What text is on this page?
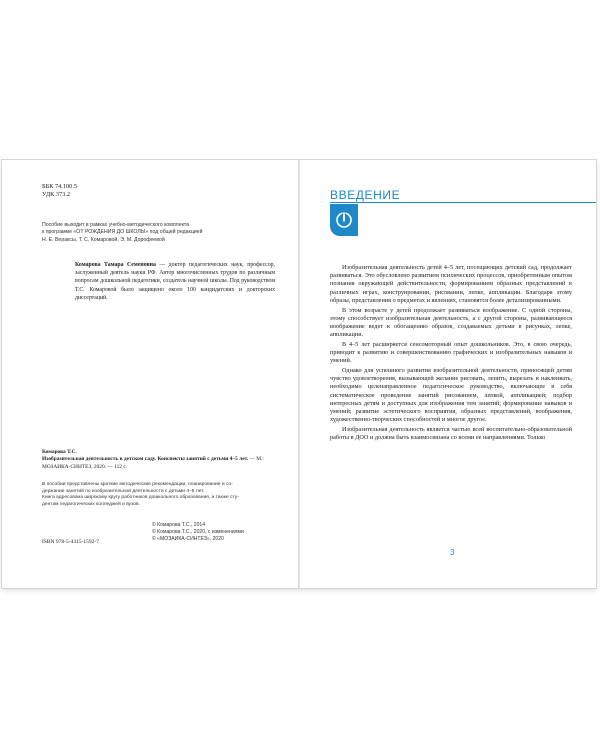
ББК 74.100.5
УДК 373.2
Пособие выходит в рамках учебно-методического комплекта
к программе «ОТ РОЖДЕНИЯ ДО ШКОЛЫ» под общей редакцией
Н. Е. Вераксы, Т. С. Комаровой, Э. М. Дорофеевой
Комарова Тамара Семеновна — доктор педагогических наук, профессор, заслуженный деятель науки РФ. Автор многочисленных трудов по различным вопросам дошкольной педагогики, создатель научной школы. Под руководством Т.С. Комаровой было защищено около 100 кандидатских и докторских диссертаций.
Комарова Т.С.
Изобразительная деятельность в детском саду. Конспекты занятий с детьми 4–5 лет. — М.: МОЗАИКА-СИНТЕЗ, 2020. — 112 с.
В пособии представлены краткие методические рекомендации, планирование и со-
держание занятий по изобразительной деятельности с детьми 4–5 лет.
Книга адресована широкому кругу работников дошкольного образования, а также сту-
дентам педагогических колледжей и вузов.
© Комарова Т.С., 2014
© Комарова Т.С., 2020, с изменениями
© «МОЗАИКА-СИНТЕЗ», 2020
ISBN 978-5-4315-1592-7
ВВЕДЕНИЕ

Изобразительная деятельность детей 4–5 лет, посещающих детский сад, продолжает развиваться. Это обусловлено развитием психических процессов, приобретенным опытом познания окружающей действительности, формированием образных представлений в различных играх, конструировании, рисовании, лепке, аппликации. Благодаря этому образы, представления о предметах и явлениях, становятся более детализированными.

В этом возрасте у детей продолжает развиваться воображение. С одной стороны, этому способствует изобразительная деятельность, а с другой стороны, развивающееся воображение ведет к обогащению образов, создаваемых детьми в рисунках, лепке, аппликации.

В 4–5 лет расширяется сенсомоторный опыт дошкольников. Это, в свою очередь, приводит к развитию и совершенствованию графических и изобразительных навыков и умений.

Однако для успешного развития изобразительной деятельности, приносящей детям чувство удовлетворения, вызывающей желание рисовать, лепить, вырезать и наклеивать, необходимо целенаправленное педагогическое руководство, включающее в себя систематическое проведение занятий рисованием, лепкой, аппликацией; подбор интересных детям и доступных для изображения тем занятий; формирование навыков и умений; развитие эстетического восприятия, образных представлений, воображения, художественно-творческих способностей и многое другое.

Изобразительная деятельность является частью всей воспитательно-образовательной работы в ДОО и должна быть взаимосвязана со всеми ее направлениями. Только

3
